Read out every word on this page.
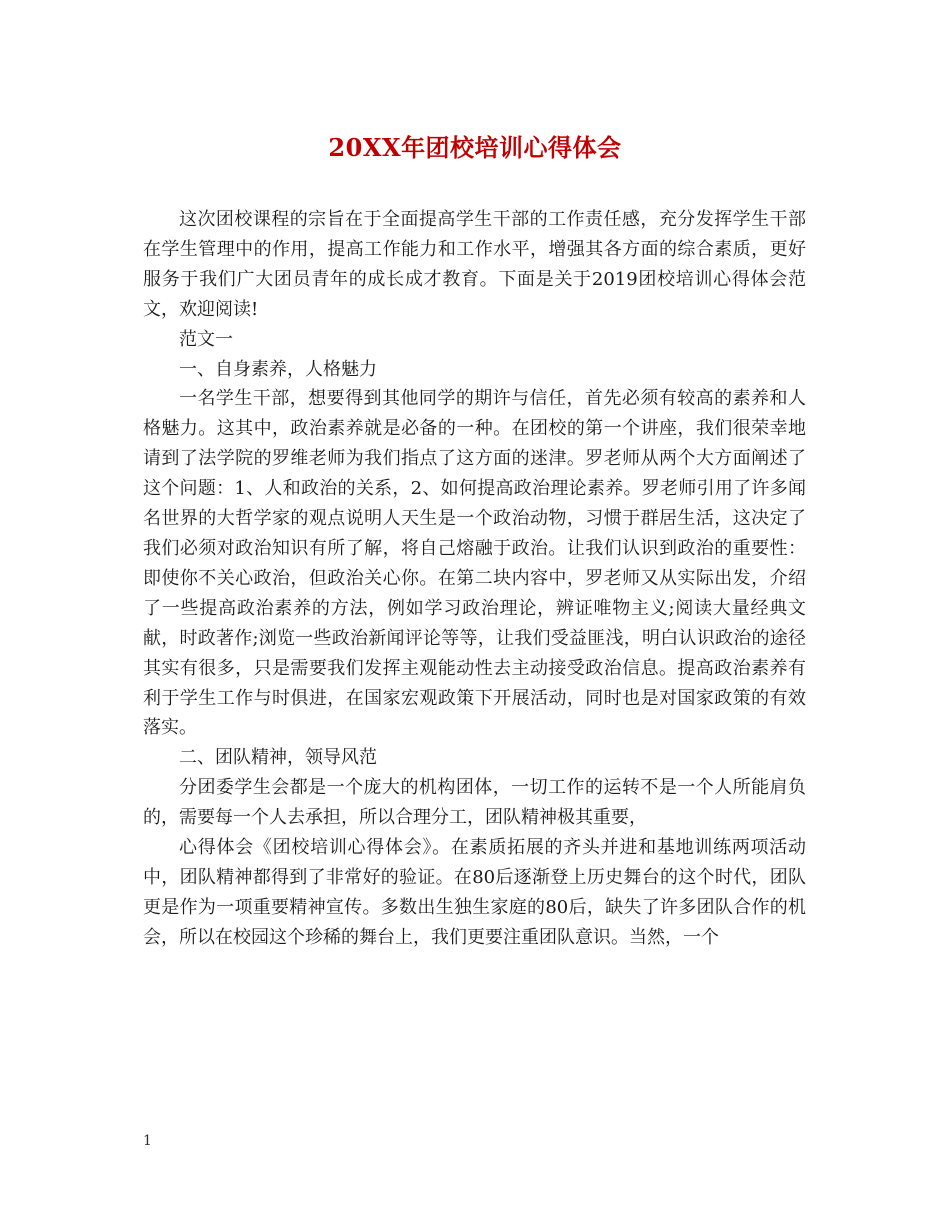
20XX年团校培训心得体会

这次团校课程的宗旨在于全面提高学生干部的工作责任感，充分发挥学生干部在学生管理中的作用，提高工作能力和工作水平，增强其各方面的综合素质，更好服务于我们广大团员青年的成长成才教育。下面是关于2019团校培训心得体会范文，欢迎阅读!

范文一

一、自身素养，人格魅力

一名学生干部，想要得到其他同学的期许与信任，首先必须有较高的素养和人格魅力。这其中，政治素养就是必备的一种。在团校的第一个讲座，我们很荣幸地请到了法学院的罗维老师为我们指点了这方面的迷津。罗老师从两个大方面阐述了这个问题：1、人和政治的关系，2、如何提高政治理论素养。罗老师引用了许多闻名世界的大哲学家的观点说明人天生是一个政治动物，习惯于群居生活，这决定了我们必须对政治知识有所了解，将自己熔融于政治。让我们认识到政治的重要性：即使你不关心政治，但政治关心你。在第二块内容中，罗老师又从实际出发，介绍了一些提高政治素养的方法，例如学习政治理论，辨证唯物主义;阅读大量经典文献，时政著作;浏览一些政治新闻评论等等，让我们受益匪浅，明白认识政治的途径其实有很多，只是需要我们发挥主观能动性去主动接受政治信息。提高政治素养有利于学生工作与时俱进，在国家宏观政策下开展活动，同时也是对国家政策的有效落实。

二、团队精神，领导风范

分团委学生会都是一个庞大的机构团体，一切工作的运转不是一个人所能肩负的，需要每一个人去承担，所以合理分工，团队精神极其重要，

心得体会《团校培训心得体会》。在素质拓展的齐头并进和基地训练两项活动中，团队精神都得到了非常好的验证。在80后逐渐登上历史舞台的这个时代，团队更是作为一项重要精神宣传。多数出生独生家庭的80后，缺失了许多团队合作的机会，所以在校园这个珍稀的舞台上，我们更要注重团队意识。当然，一个

1
